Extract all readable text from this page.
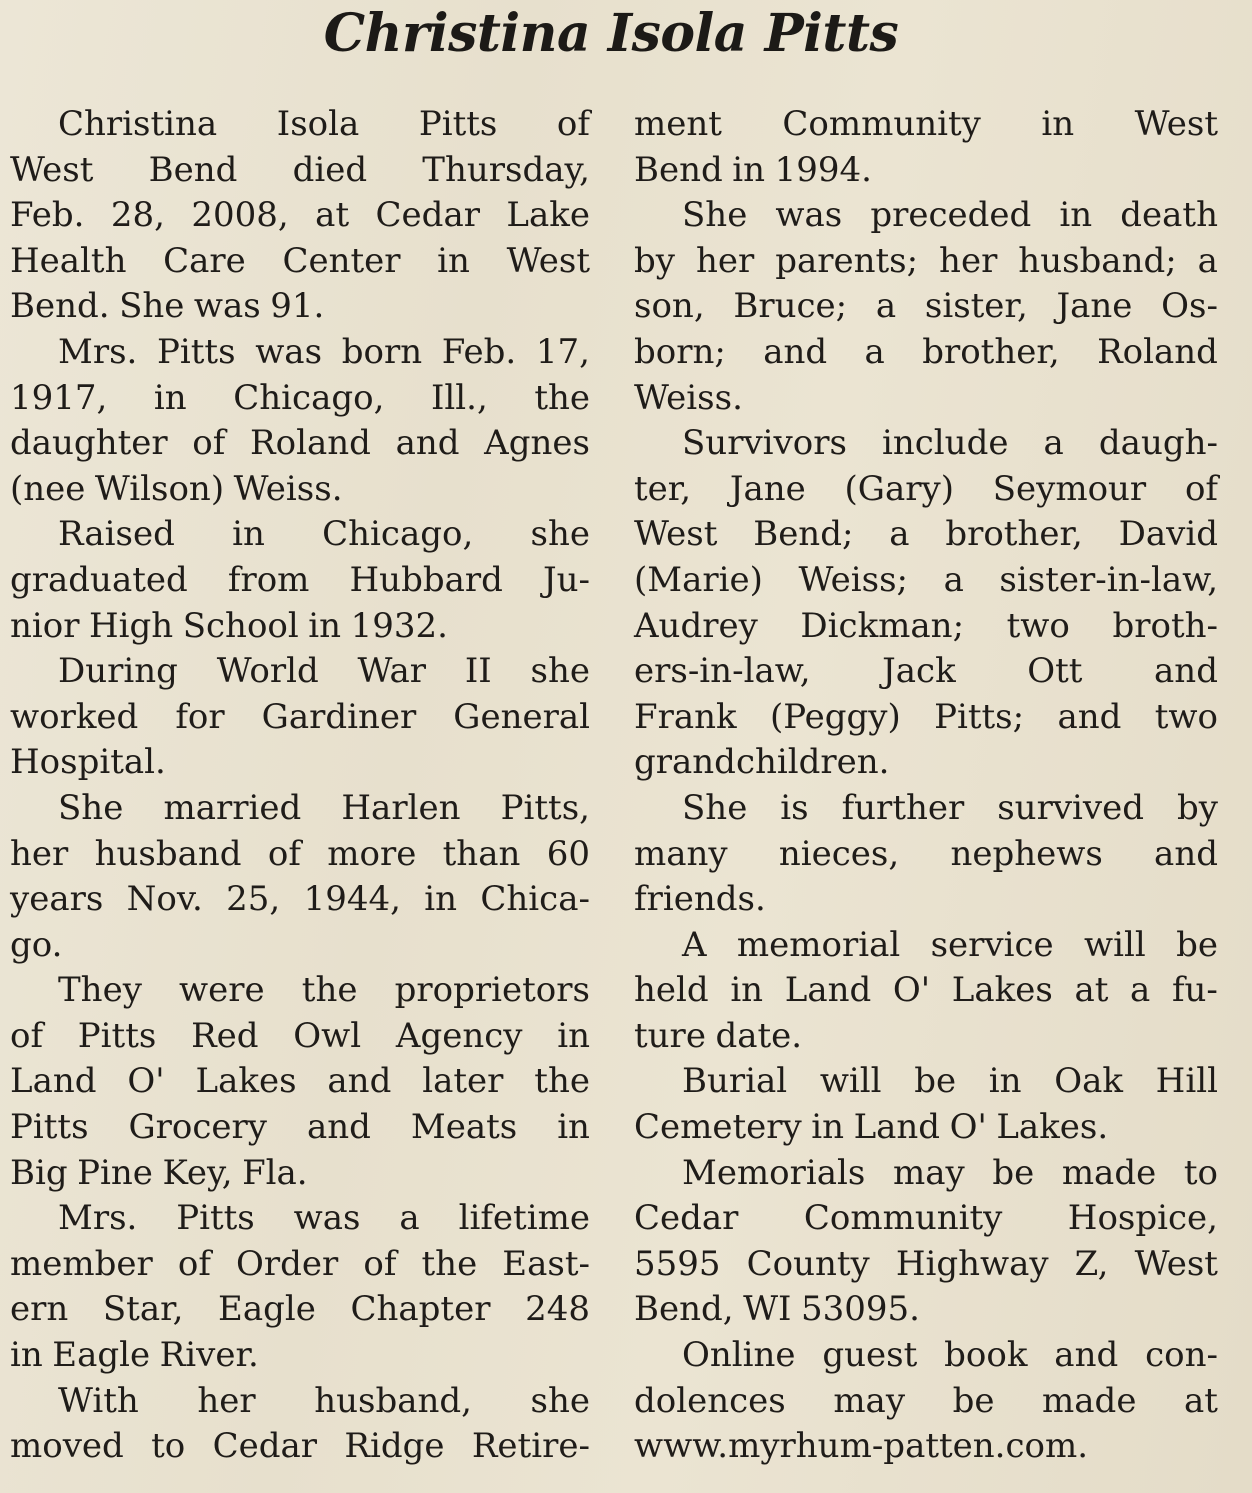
Christina Isola Pitts
Christina Isola Pitts of
West Bend died Thursday,
Feb. 28, 2008, at Cedar Lake
Health Care Center in West
Bend. She was 91.
Mrs. Pitts was born Feb. 17,
1917, in Chicago, Ill., the
daughter of Roland and Agnes
(nee Wilson) Weiss.
Raised in Chicago, she
graduated from Hubbard Ju-
nior High School in 1932.
During World War II she
worked for Gardiner General
Hospital.
She married Harlen Pitts,
her husband of more than 60
years Nov. 25, 1944, in Chica-
go.
They were the proprietors
of Pitts Red Owl Agency in
Land O' Lakes and later the
Pitts Grocery and Meats in
Big Pine Key, Fla.
Mrs. Pitts was a lifetime
member of Order of the East-
ern Star, Eagle Chapter 248
in Eagle River.
With her husband, she
moved to Cedar Ridge Retire-
ment Community in West
Bend in 1994.
She was preceded in death
by her parents; her husband; a
son, Bruce; a sister, Jane Os-
born; and a brother, Roland
Weiss.
Survivors include a daugh-
ter, Jane (Gary) Seymour of
West Bend; a brother, David
(Marie) Weiss; a sister-in-law,
Audrey Dickman; two broth-
ers-in-law, Jack Ott and
Frank (Peggy) Pitts; and two
grandchildren.
She is further survived by
many nieces, nephews and
friends.
A memorial service will be
held in Land O' Lakes at a fu-
ture date.
Burial will be in Oak Hill
Cemetery in Land O' Lakes.
Memorials may be made to
Cedar Community Hospice,
5595 County Highway Z, West
Bend, WI 53095.
Online guest book and con-
dolences may be made at
www.myrhum-patten.com.
